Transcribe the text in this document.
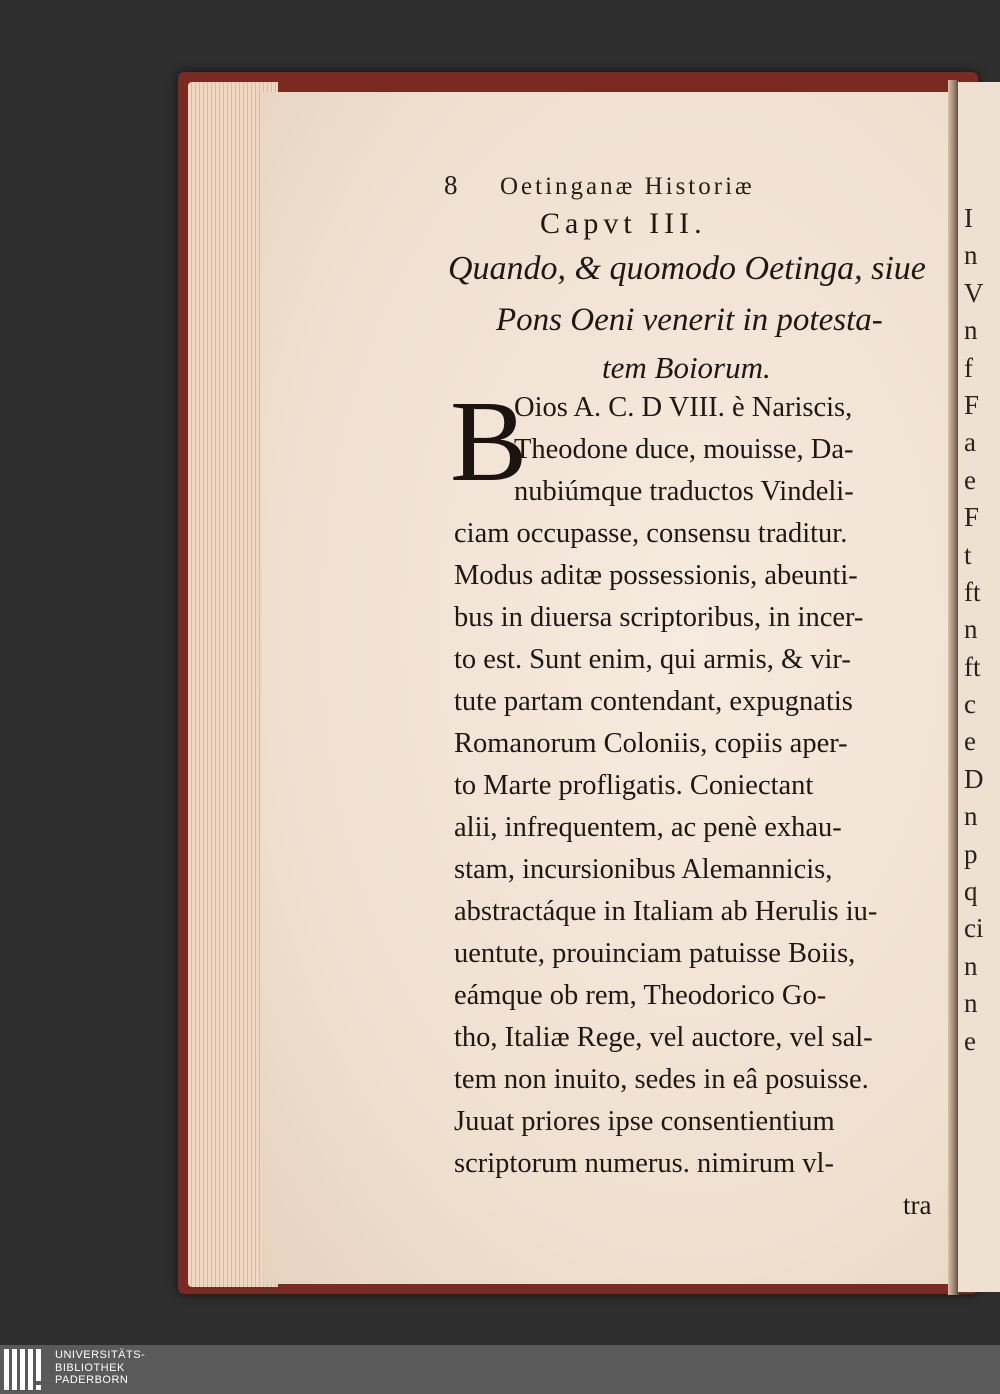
I
n
V
n
f
F
a
e
F
t
ft
n
ft
c
e
D
n
p
q
ci
n
n
e
8 Oetinganæ Historiæ
Capvt III.
Quando, & quomodo Oetinga, siue
Pons Oeni venerit in potesta-
tem Boiorum.
B
Oios A. C. D VIII. è Nariscis,
Theodone duce, mouisse, Da-
nubiúmque traductos Vindeli-
ciam occupasse, consensu traditur.
Modus aditæ possessionis, abeunti-
bus in diuersa scriptoribus, in incer-
to est. Sunt enim, qui armis, & vir-
tute partam contendant, expugnatis
Romanorum Coloniis, copiis aper-
to Marte profligatis. Coniectant
alii, infrequentem, ac penè exhau-
stam, incursionibus Alemannicis,
abstractáque in Italiam ab Herulis iu-
uentute, prouinciam patuisse Boiis,
eámque ob rem, Theodorico Go-
tho, Italiæ Rege, vel auctore, vel sal-
tem non inuito, sedes in eâ posuisse.
Juuat priores ipse consentientium
scriptorum numerus. nimirum vl-
tra
UNIVERSITÄTS-
BIBLIOTHEK
PADERBORN
